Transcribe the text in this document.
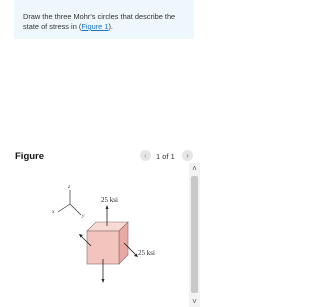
Draw the three Mohr's circles that describe the state of stress in (Figure 1).
Figure	‹	1 of 1	›
z
y
x
25 ksi
25 ksi
˄
˅
